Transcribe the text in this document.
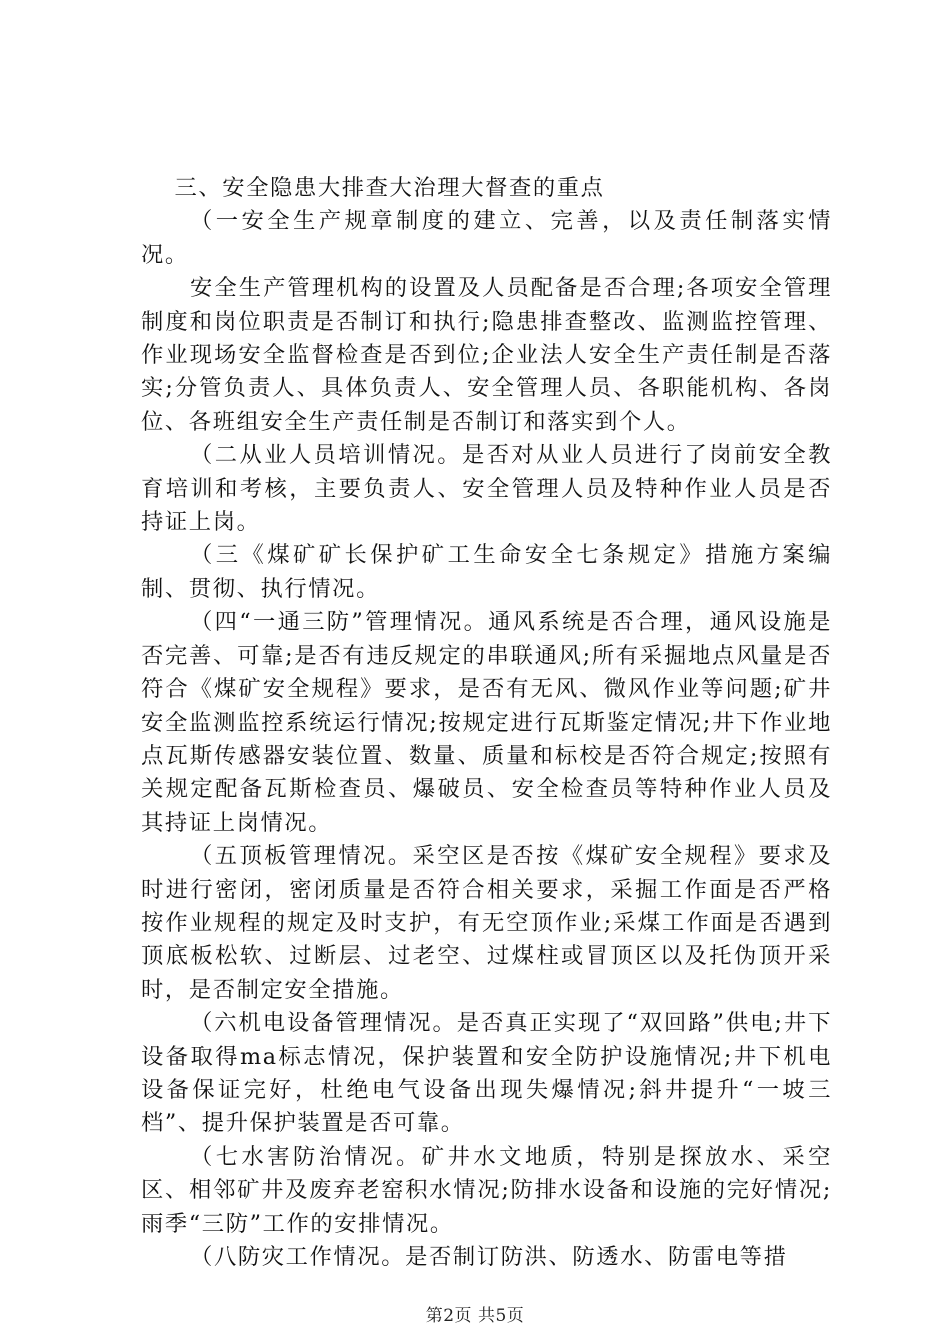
三、安全隐患大排查大治理大督查的重点

（一安全生产规章制度的建立、完善，以及责任制落实情况。

安全生产管理机构的设置及人员配备是否合理;各项安全管理制度和岗位职责是否制订和执行;隐患排查整改、监测监控管理、作业现场安全监督检查是否到位;企业法人安全生产责任制是否落实;分管负责人、具体负责人、安全管理人员、各职能机构、各岗位、各班组安全生产责任制是否制订和落实到个人。

（二从业人员培训情况。是否对从业人员进行了岗前安全教育培训和考核，主要负责人、安全管理人员及特种作业人员是否持证上岗。

（三《煤矿矿长保护矿工生命安全七条规定》措施方案编制、贯彻、执行情况。

（四“一通三防”管理情况。通风系统是否合理，通风设施是否完善、可靠;是否有违反规定的串联通风;所有采掘地点风量是否符合《煤矿安全规程》要求，是否有无风、微风作业等问题;矿井安全监测监控系统运行情况;按规定进行瓦斯鉴定情况;井下作业地点瓦斯传感器安装位置、数量、质量和标校是否符合规定;按照有关规定配备瓦斯检查员、爆破员、安全检查员等特种作业人员及其持证上岗情况。

（五顶板管理情况。采空区是否按《煤矿安全规程》要求及时进行密闭，密闭质量是否符合相关要求，采掘工作面是否严格按作业规程的规定及时支护，有无空顶作业;采煤工作面是否遇到顶底板松软、过断层、过老空、过煤柱或冒顶区以及托伪顶开采时，是否制定安全措施。

（六机电设备管理情况。是否真正实现了“双回路”供电;井下设备取得ma标志情况，保护装置和安全防护设施情况;井下机电设备保证完好，杜绝电气设备出现失爆情况;斜井提升“一坡三档”、提升保护装置是否可靠。

（七水害防治情况。矿井水文地质，特别是探放水、采空区、相邻矿井及废弃老窑积水情况;防排水设备和设施的完好情况;雨季“三防”工作的安排情况。

（八防灾工作情况。是否制订防洪、防透水、防雷电等措

第2页 共5页
